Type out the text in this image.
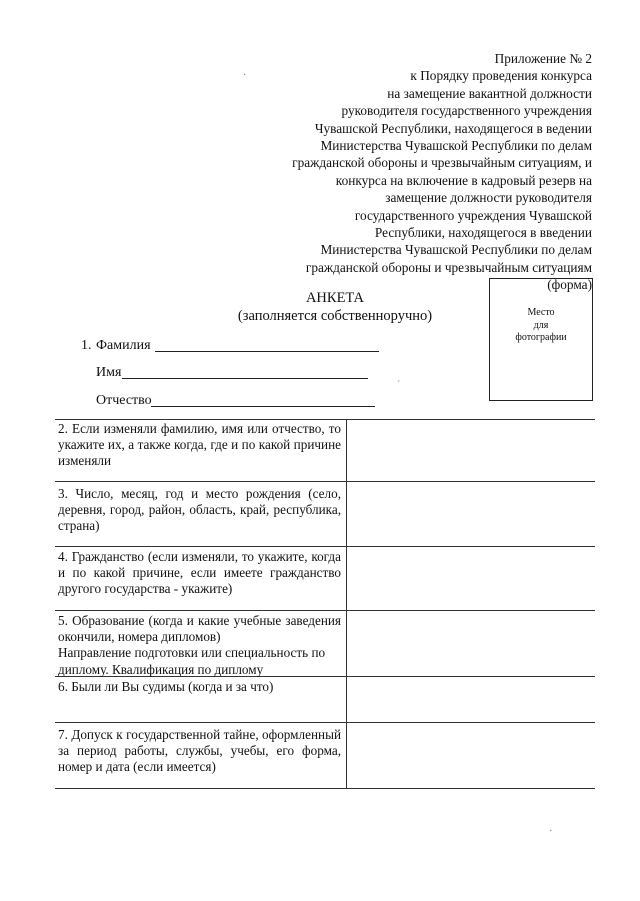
Приложение № 2
к Порядку проведения конкурса
на замещение вакантной должности
руководителя государственного учреждения
Чувашской Республики, находящегося в ведении
Министерства Чувашской Республики по делам
гражданской обороны и чрезвычайным ситуациям, и
конкурса на включение в кадровый резерв на
замещение должности руководителя
государственного учреждения Чувашской
Республики, находящегося в введении
Министерства Чувашской Республики по делам
гражданской обороны и чрезвычайным ситуациям
(форма)
АНКЕТА
(заполняется собственноручно)	Место
для
фотографии
1. Фамилия
Имя
Отчество
2. Если изменяли фамилию, имя или отчество, то укажите их, а также когда, где и по какой причине изменяли
3. Число, месяц, год и место рождения (село, деревня, город, район, область, край, республика, страна)
4. Гражданство (если изменяли, то укажите, когда и по какой причине, если имеете гражданство другого государства - укажите)
5. Образование (когда и какие учебные заведения окончили, номера дипломов)
Направление подготовки или специальность по диплому. Квалификация по диплому
6. Были ли Вы судимы (когда и за что)
7. Допуск к государственной тайне, оформленный за период работы, службы, учебы, его форма, номер и дата (если имеется)
·
´
·
